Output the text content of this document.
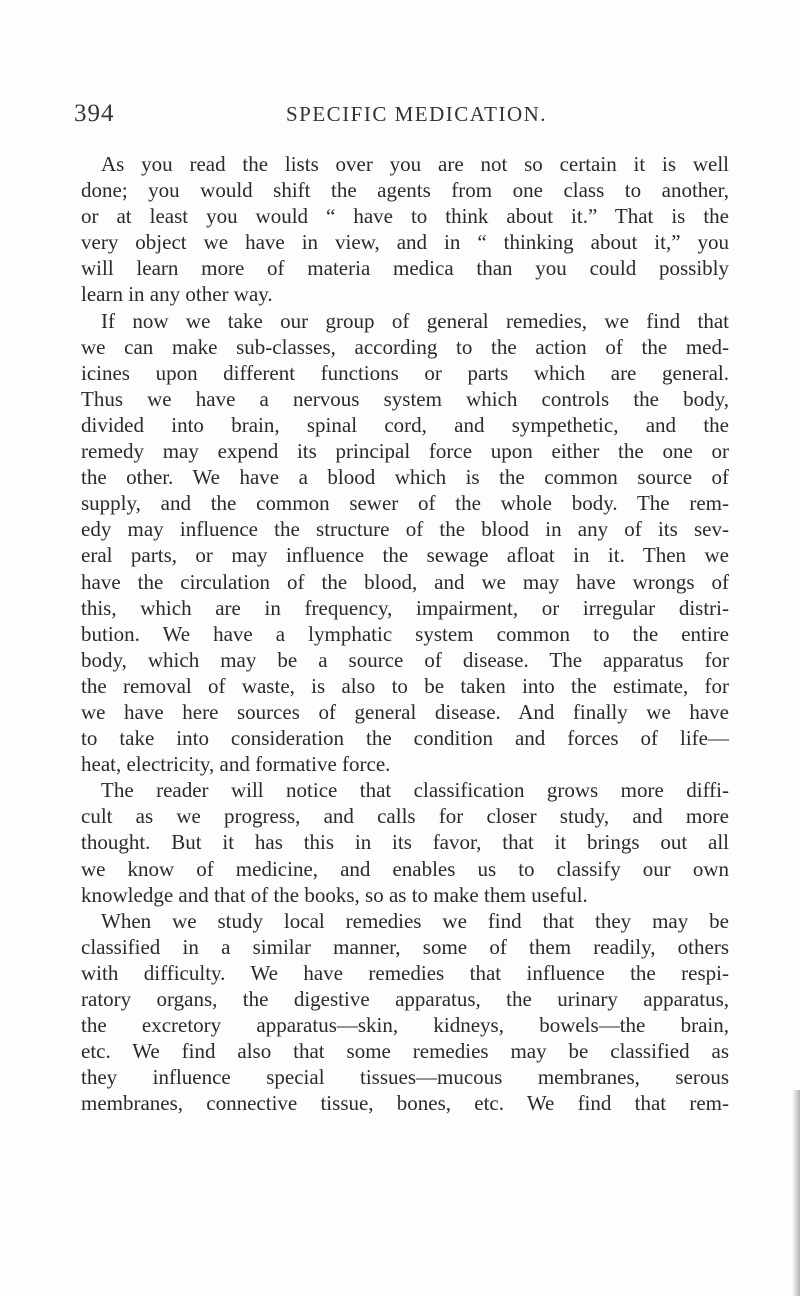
394	SPECIFIC MEDICATION.
As you read the lists over you are not so certain it is well
done; you would shift the agents from one class to another,
or at least you would “ have to think about it.” That is the
very object we have in view, and in “ thinking about it,” you
will learn more of materia medica than you could possibly
learn in any other way.
If now we take our group of general remedies, we find that
we can make sub-classes, according to the action of the med-
icines upon different functions or parts which are general.
Thus we have a nervous system which controls the body,
divided into brain, spinal cord, and sympethetic, and the
remedy may expend its principal force upon either the one or
the other. We have a blood which is the common source of
supply, and the common sewer of the whole body. The rem-
edy may influence the structure of the blood in any of its sev-
eral parts, or may influence the sewage afloat in it. Then we
have the circulation of the blood, and we may have wrongs of
this, which are in frequency, impairment, or irregular distri-
bution. We have a lymphatic system common to the entire
body, which may be a source of disease. The apparatus for
the removal of waste, is also to be taken into the estimate, for
we have here sources of general disease. And finally we have
to take into consideration the condition and forces of life—
heat, electricity, and formative force.
The reader will notice that classification grows more diffi-
cult as we progress, and calls for closer study, and more
thought. But it has this in its favor, that it brings out all
we know of medicine, and enables us to classify our own
knowledge and that of the books, so as to make them useful.
When we study local remedies we find that they may be
classified in a similar manner, some of them readily, others
with difficulty. We have remedies that influence the respi-
ratory organs, the digestive apparatus, the urinary apparatus,
the excretory apparatus—skin, kidneys, bowels—the brain,
etc. We find also that some remedies may be classified as
they influence special tissues—mucous membranes, serous
membranes, connective tissue, bones, etc. We find that rem-
